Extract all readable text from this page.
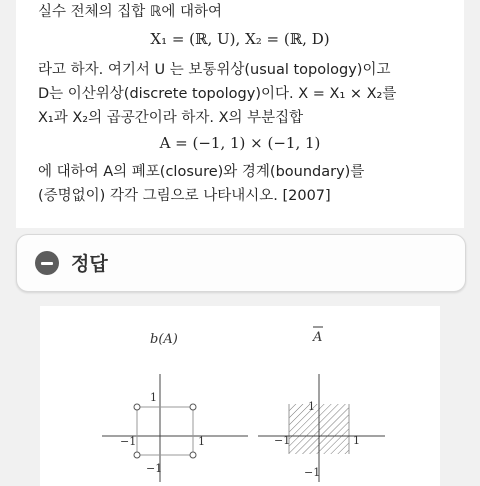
실수 전체의 집합 ℝ에 대하여
X₁ = (ℝ, U), X₂ = (ℝ, D)
라고 하자. 여기서 U 는 보통위상(usual topology)이고
D는 이산위상(discrete topology)이다. X = X₁ × X₂를
X₁과 X₂의 곱공간이라 하자. X의 부분집합
A = (−1, 1) × (−1, 1)
에 대하여 A의 폐포(closure)와 경계(boundary)를
(증명없이) 각각 그림으로 나타내시오. [2007]
정답
b(A)
1
−1
−1	1
1
−1
−1	1
A
